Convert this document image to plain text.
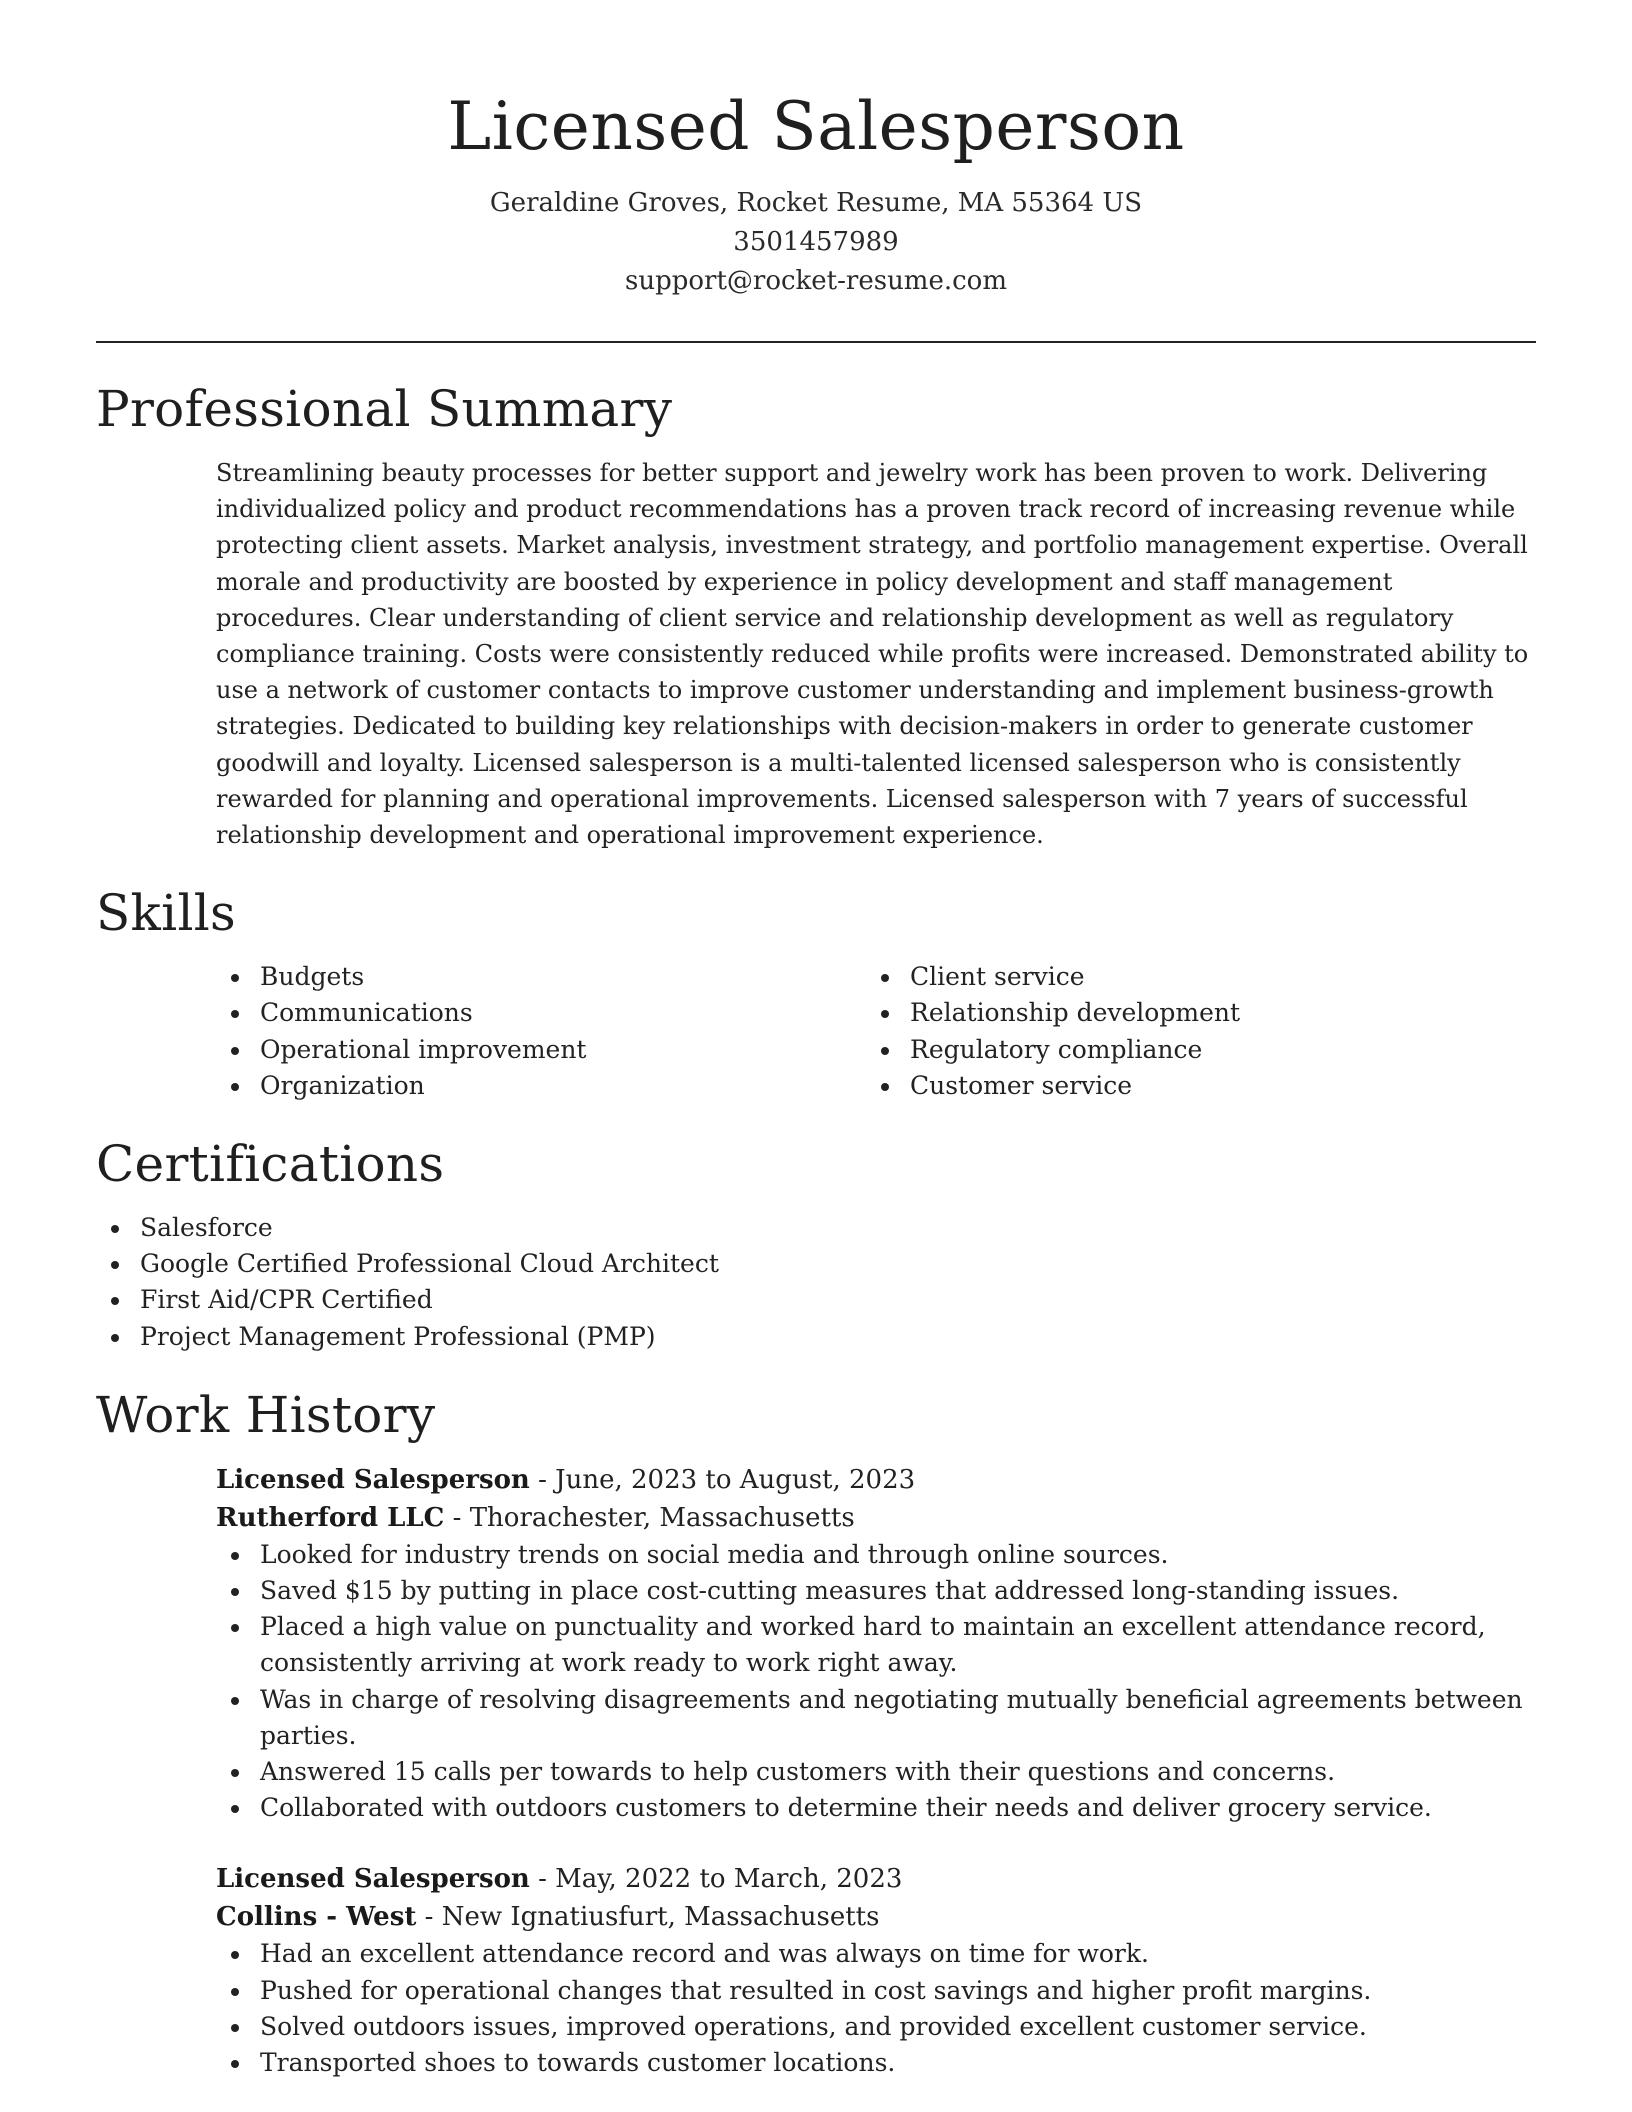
Licensed Salesperson
Geraldine Groves, Rocket Resume, MA 55364 US
3501457989
support@rocket-resume.com
Professional Summary
Streamlining beauty processes for better support and jewelry work has been proven to work. Delivering individualized policy and product recommendations has a proven track record of increasing revenue while protecting client assets. Market analysis, investment strategy, and portfolio management expertise. Overall morale and productivity are boosted by experience in policy development and staff management procedures. Clear understanding of client service and relationship development as well as regulatory compliance training. Costs were consistently reduced while profits were increased. Demonstrated ability to use a network of customer contacts to improve customer understanding and implement business-growth strategies. Dedicated to building key relationships with decision-makers in order to generate customer goodwill and loyalty. Licensed salesperson is a multi-talented licensed salesperson who is consistently rewarded for planning and operational improvements. Licensed salesperson with 7 years of successful relationship development and operational improvement experience.
Skills
Budgets
Communications
Operational improvement
Organization
Client service
Relationship development
Regulatory compliance
Customer service
Certifications
Salesforce
Google Certified Professional Cloud Architect
First Aid/CPR Certified
Project Management Professional (PMP)
Work History
Licensed Salesperson - June, 2023 to August, 2023
Rutherford LLC - Thorachester, Massachusetts
Looked for industry trends on social media and through online sources.
Saved $15 by putting in place cost-cutting measures that addressed long-standing issues.
Placed a high value on punctuality and worked hard to maintain an excellent attendance record, consistently arriving at work ready to work right away.
Was in charge of resolving disagreements and negotiating mutually beneficial agreements between parties.
Answered 15 calls per towards to help customers with their questions and concerns.
Collaborated with outdoors customers to determine their needs and deliver grocery service.
Licensed Salesperson - May, 2022 to March, 2023
Collins - West - New Ignatiusfurt, Massachusetts
Had an excellent attendance record and was always on time for work.
Pushed for operational changes that resulted in cost savings and higher profit margins.
Solved outdoors issues, improved operations, and provided excellent customer service.
Transported shoes to towards customer locations.
